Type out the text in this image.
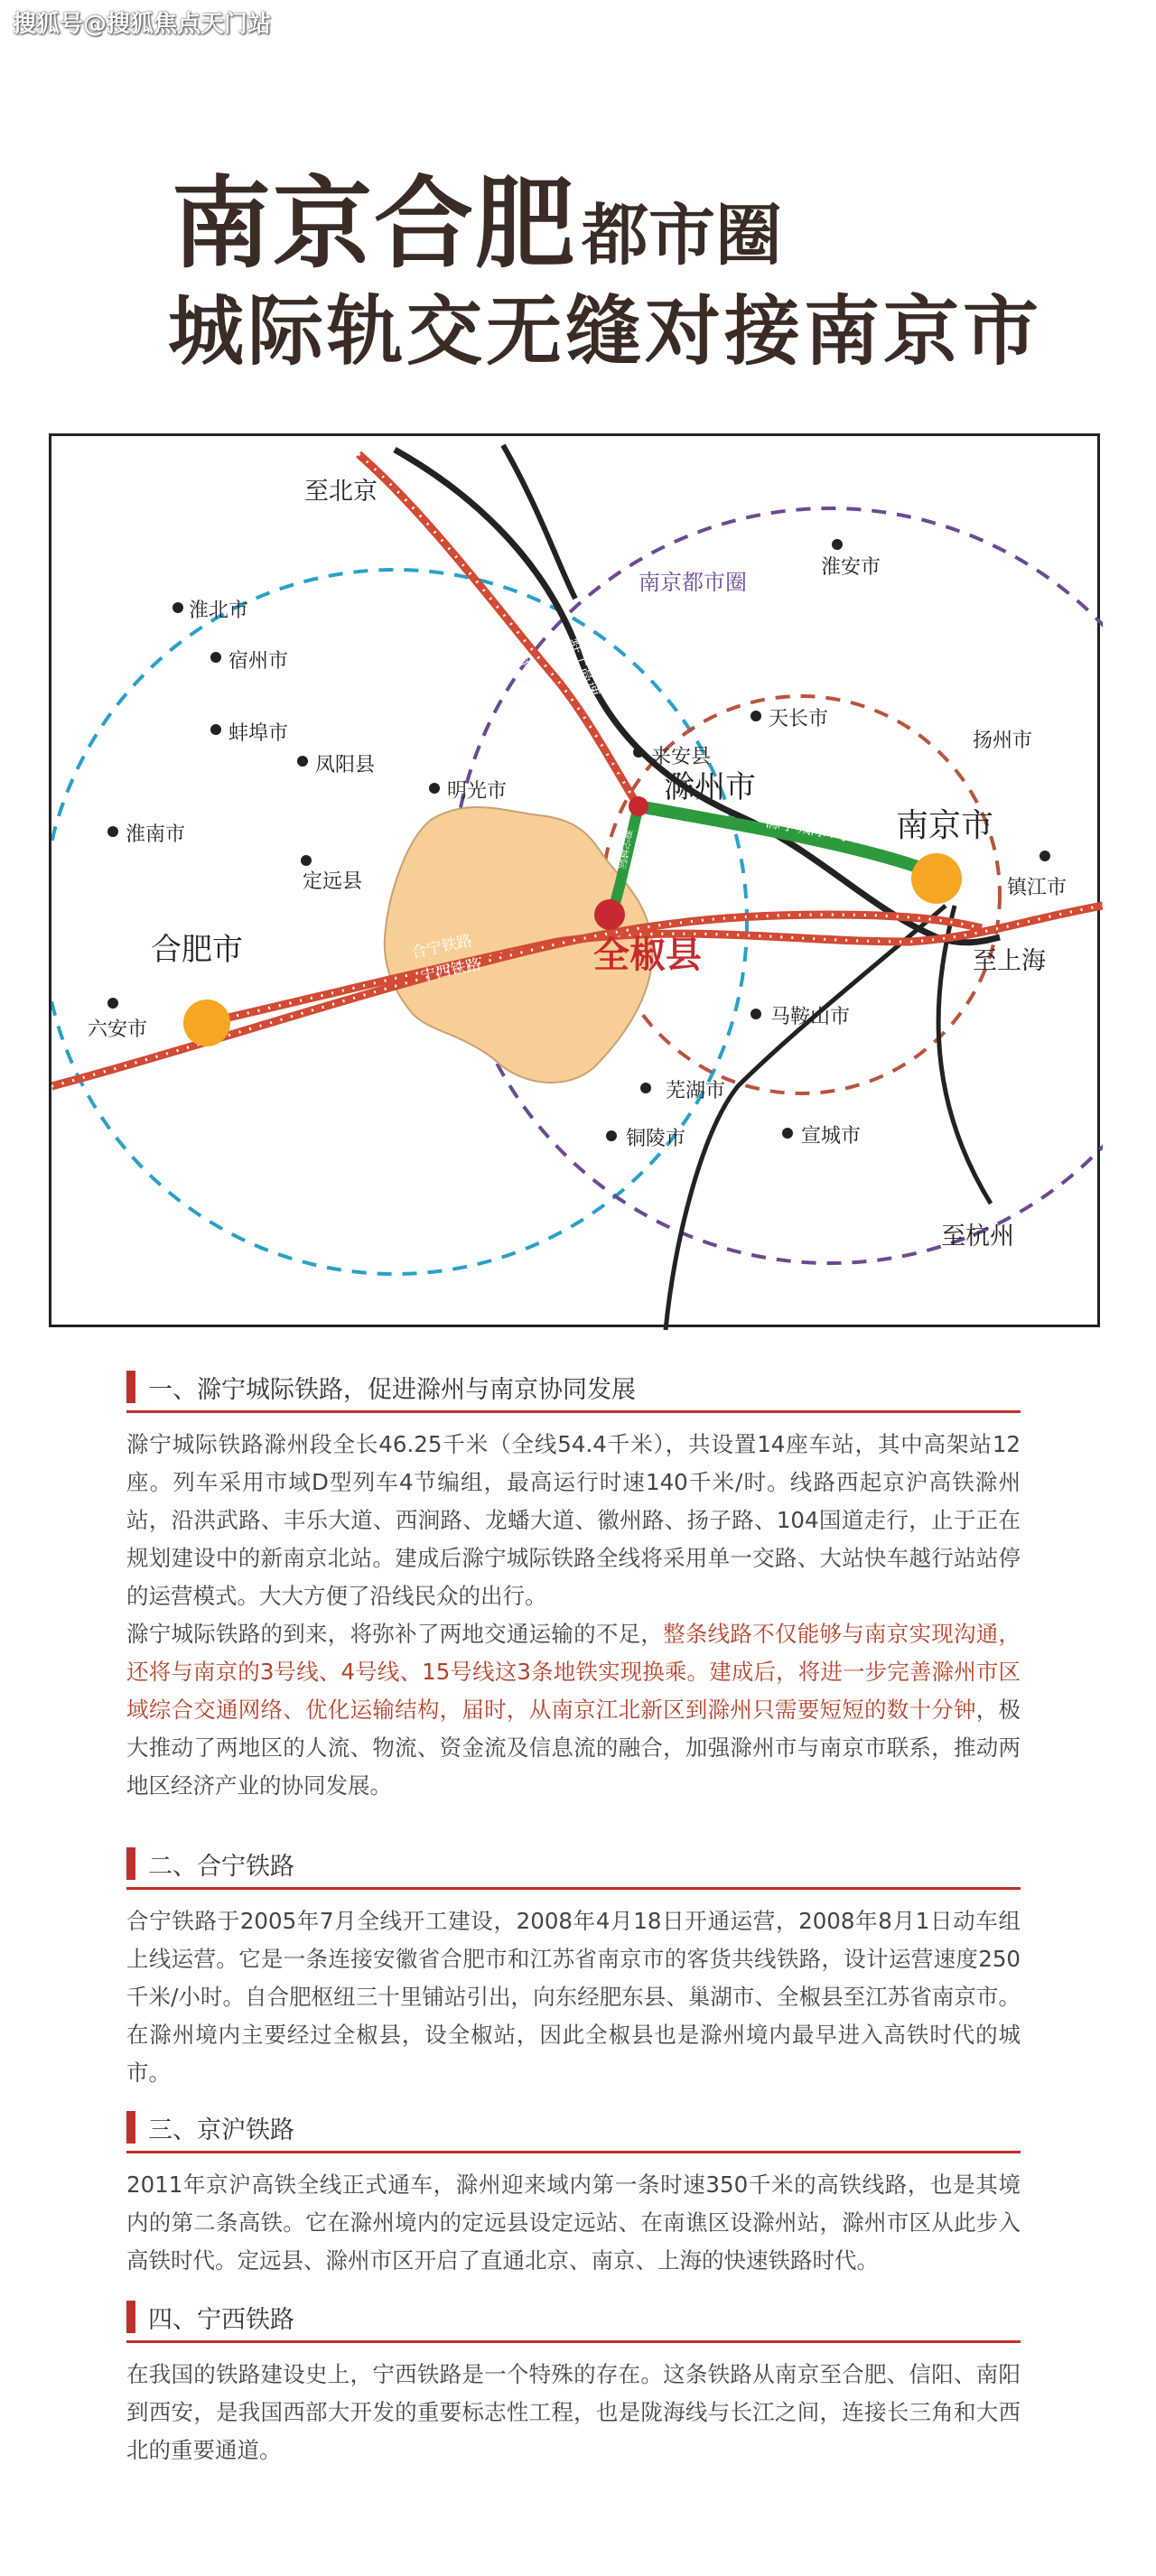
搜狐号@搜狐焦点天门站
南京合肥都市圈
城际轨交无缝对接南京市
京沪高铁 蚌宁高速
滁宁城际4号线
滁宁城际
合宁铁路
宁西铁路
至北京
南京都市圈
淮安市
淮北市
宿州市
蚌埠市
凤阳县
明光市
淮南市
定远县
来安县
天长市
扬州市
滁州市
南京市
镇江市
合肥市	全椒县	至上海
六安市
马鞍山市
芜湖市
铜陵市	宣城市
至杭州
一、滁宁城际铁路，促进滁州与南京协同发展

滁宁城际铁路滁州段全长46.25千米（全线54.4千米），共设置14座车站，其中高架站12座。列车采用市域D型列车4节编组，最高运行时速140千米/时。线路西起京沪高铁滁州站，沿洪武路、丰乐大道、西涧路、龙蟠大道、徽州路、扬子路、104国道走行，止于正在规划建设中的新南京北站。建成后滁宁城际铁路全线将采用单一交路、大站快车越行站站停的运营模式。大大方便了沿线民众的出行。

滁宁城际铁路的到来，将弥补了两地交通运输的不足，整条线路不仅能够与南京实现沟通，还将与南京的3号线、4号线、15号线这3条地铁实现换乘。建成后，将进一步完善滁州市区域综合交通网络、优化运输结构，届时，从南京江北新区到滁州只需要短短的数十分钟，极大推动了两地区的人流、物流、资金流及信息流的融合，加强滁州市与南京市联系，推动两地区经济产业的协同发展。

二、合宁铁路

合宁铁路于2005年7月全线开工建设，2008年4月18日开通运营，2008年8月1日动车组上线运营。它是一条连接安徽省合肥市和江苏省南京市的客货共线铁路，设计运营速度250千米/小时。自合肥枢纽三十里铺站引出，向东经肥东县、巢湖市、全椒县至江苏省南京市。在滁州境内主要经过全椒县，设全椒站，因此全椒县也是滁州境内最早进入高铁时代的城市。

三、京沪铁路

2011年京沪高铁全线正式通车，滁州迎来域内第一条时速350千米的高铁线路，也是其境内的第二条高铁。它在滁州境内的定远县设定远站、在南谯区设滁州站，滁州市区从此步入高铁时代。定远县、滁州市区开启了直通北京、南京、上海的快速铁路时代。

四、宁西铁路

在我国的铁路建设史上，宁西铁路是一个特殊的存在。这条铁路从南京至合肥、信阳、南阳到西安，是我国西部大开发的重要标志性工程，也是陇海线与长江之间，连接长三角和大西北的重要通道。
